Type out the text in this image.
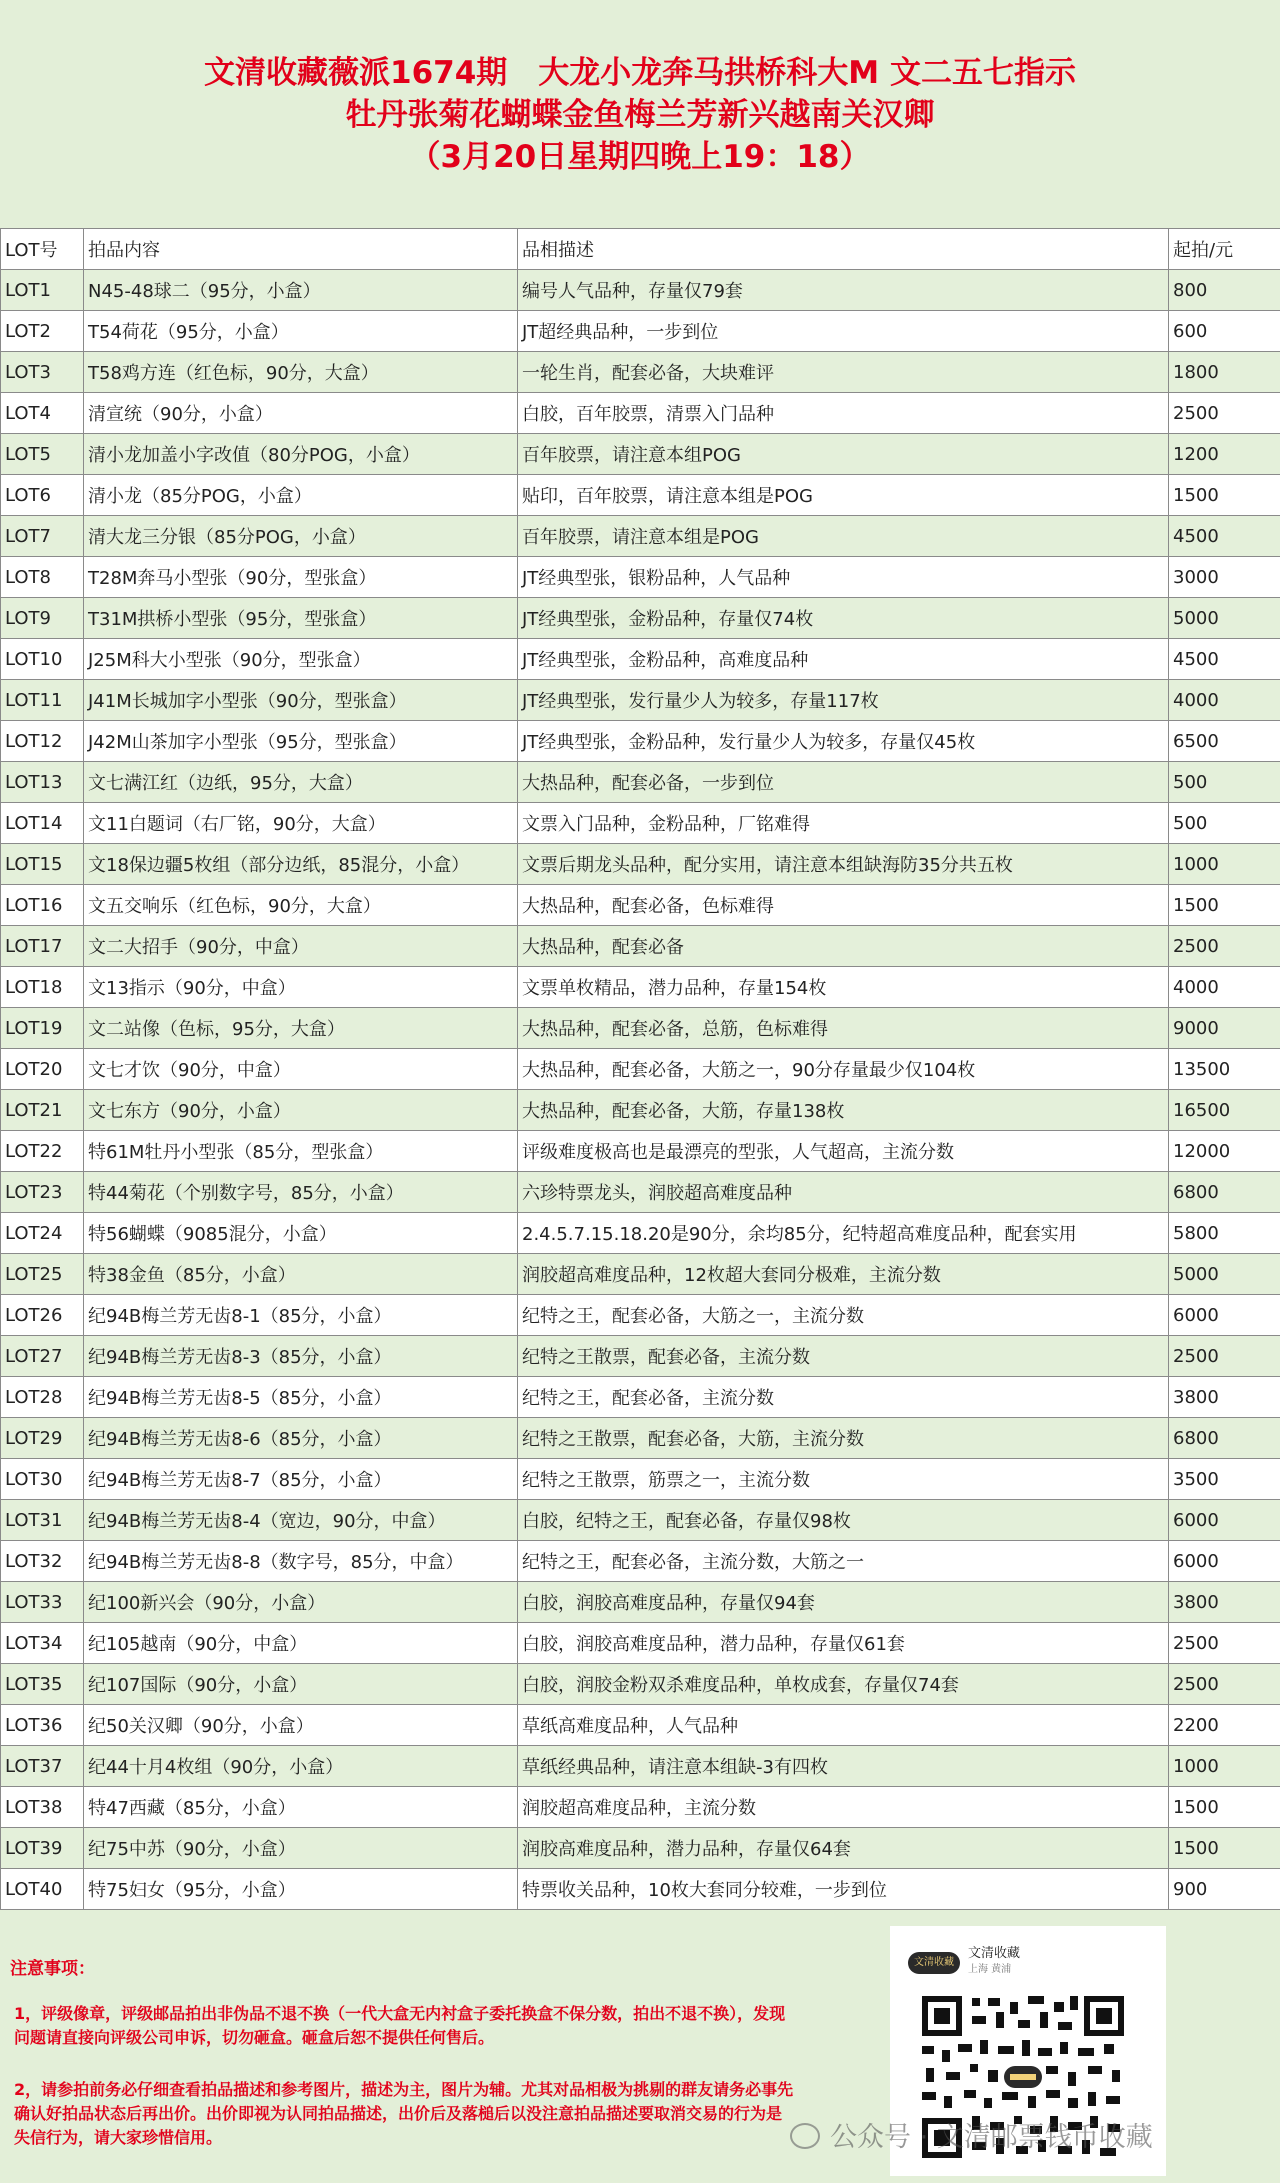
文清收藏薇派1674期　大龙小龙奔马拱桥科大M 文二五七指示
牡丹张菊花蝴蝶金鱼梅兰芳新兴越南关汉卿
（3月20日星期四晚上19：18）
LOT号	拍品内容	品相描述	起拍/元
LOT1	N45-48球二（95分，小盒）	编号人气品种，存量仅79套	800
LOT2	T54荷花（95分，小盒）	JT超经典品种，一步到位	600
LOT3	T58鸡方连（红色标，90分，大盒）	一轮生肖，配套必备，大块难评	1800
LOT4	清宣统（90分，小盒）	白胶，百年胶票，清票入门品种	2500
LOT5	清小龙加盖小字改值（80分POG，小盒）	百年胶票，请注意本组POG	1200
LOT6	清小龙（85分POG，小盒）	贴印，百年胶票，请注意本组是POG	1500
LOT7	清大龙三分银（85分POG，小盒）	百年胶票，请注意本组是POG	4500
LOT8	T28M奔马小型张（90分，型张盒）	JT经典型张，银粉品种，人气品种	3000
LOT9	T31M拱桥小型张（95分，型张盒）	JT经典型张，金粉品种，存量仅74枚	5000
LOT10	J25M科大小型张（90分，型张盒）	JT经典型张，金粉品种，高难度品种	4500
LOT11	J41M长城加字小型张（90分，型张盒）	JT经典型张，发行量少人为较多，存量117枚	4000
LOT12	J42M山茶加字小型张（95分，型张盒）	JT经典型张，金粉品种，发行量少人为较多，存量仅45枚	6500
LOT13	文七满江红（边纸，95分，大盒）	大热品种，配套必备，一步到位	500
LOT14	文11白题词（右厂铭，90分，大盒）	文票入门品种，金粉品种，厂铭难得	500
LOT15	文18保边疆5枚组（部分边纸，85混分，小盒）	文票后期龙头品种，配分实用，请注意本组缺海防35分共五枚	1000
LOT16	文五交响乐（红色标，90分，大盒）	大热品种，配套必备，色标难得	1500
LOT17	文二大招手（90分，中盒）	大热品种，配套必备	2500
LOT18	文13指示（90分，中盒）	文票单枚精品，潜力品种，存量154枚	4000
LOT19	文二站像（色标，95分，大盒）	大热品种，配套必备，总筋，色标难得	9000
LOT20	文七才饮（90分，中盒）	大热品种，配套必备，大筋之一，90分存量最少仅104枚	13500
LOT21	文七东方（90分，小盒）	大热品种，配套必备，大筋，存量138枚	16500
LOT22	特61M牡丹小型张（85分，型张盒）	评级难度极高也是最漂亮的型张，人气超高，主流分数	12000
LOT23	特44菊花（个别数字号，85分，小盒）	六珍特票龙头，润胶超高难度品种	6800
LOT24	特56蝴蝶（9085混分，小盒）	2.4.5.7.15.18.20是90分，余均85分，纪特超高难度品种，配套实用	5800
LOT25	特38金鱼（85分，小盒）	润胶超高难度品种，12枚超大套同分极难，主流分数	5000
LOT26	纪94B梅兰芳无齿8-1（85分，小盒）	纪特之王，配套必备，大筋之一，主流分数	6000
LOT27	纪94B梅兰芳无齿8-3（85分，小盒）	纪特之王散票，配套必备，主流分数	2500
LOT28	纪94B梅兰芳无齿8-5（85分，小盒）	纪特之王，配套必备，主流分数	3800
LOT29	纪94B梅兰芳无齿8-6（85分，小盒）	纪特之王散票，配套必备，大筋，主流分数	6800
LOT30	纪94B梅兰芳无齿8-7（85分，小盒）	纪特之王散票，筋票之一，主流分数	3500
LOT31	纪94B梅兰芳无齿8-4（宽边，90分，中盒）	白胶，纪特之王，配套必备，存量仅98枚	6000
LOT32	纪94B梅兰芳无齿8-8（数字号，85分，中盒）	纪特之王，配套必备，主流分数，大筋之一	6000
LOT33	纪100新兴会（90分，小盒）	白胶，润胶高难度品种，存量仅94套	3800
LOT34	纪105越南（90分，中盒）	白胶，润胶高难度品种，潜力品种，存量仅61套	2500
LOT35	纪107国际（90分，小盒）	白胶，润胶金粉双杀难度品种，单枚成套，存量仅74套	2500
LOT36	纪50关汉卿（90分，小盒）	草纸高难度品种，人气品种	2200
LOT37	纪44十月4枚组（90分，小盒）	草纸经典品种，请注意本组缺-3有四枚	1000
LOT38	特47西藏（85分，小盒）	润胶超高难度品种，主流分数	1500
LOT39	纪75中苏（90分，小盒）	润胶高难度品种，潜力品种，存量仅64套	1500
LOT40	特75妇女（95分，小盒）	特票收关品种，10枚大套同分较难，一步到位	900
注意事项：
1，评级像章，评级邮品拍出非伪品不退不换（一代大盒无内衬盒子委托换盒不保分数，拍出不退不换），发现问题请直接向评级公司申诉，切勿砸盒。砸盒后恕不提供任何售后。
2，请参拍前务必仔细查看拍品描述和参考图片，描述为主，图片为辅。尤其对品相极为挑剔的群友请务必事先确认好拍品状态后再出价。出价即视为认同拍品描述，出价后及落槌后以没注意拍品描述要取消交易的行为是失信行为，请大家珍惜信用。
文清收藏
文清收藏
上海 黄浦
公众号 · 文清邮票钱币收藏
